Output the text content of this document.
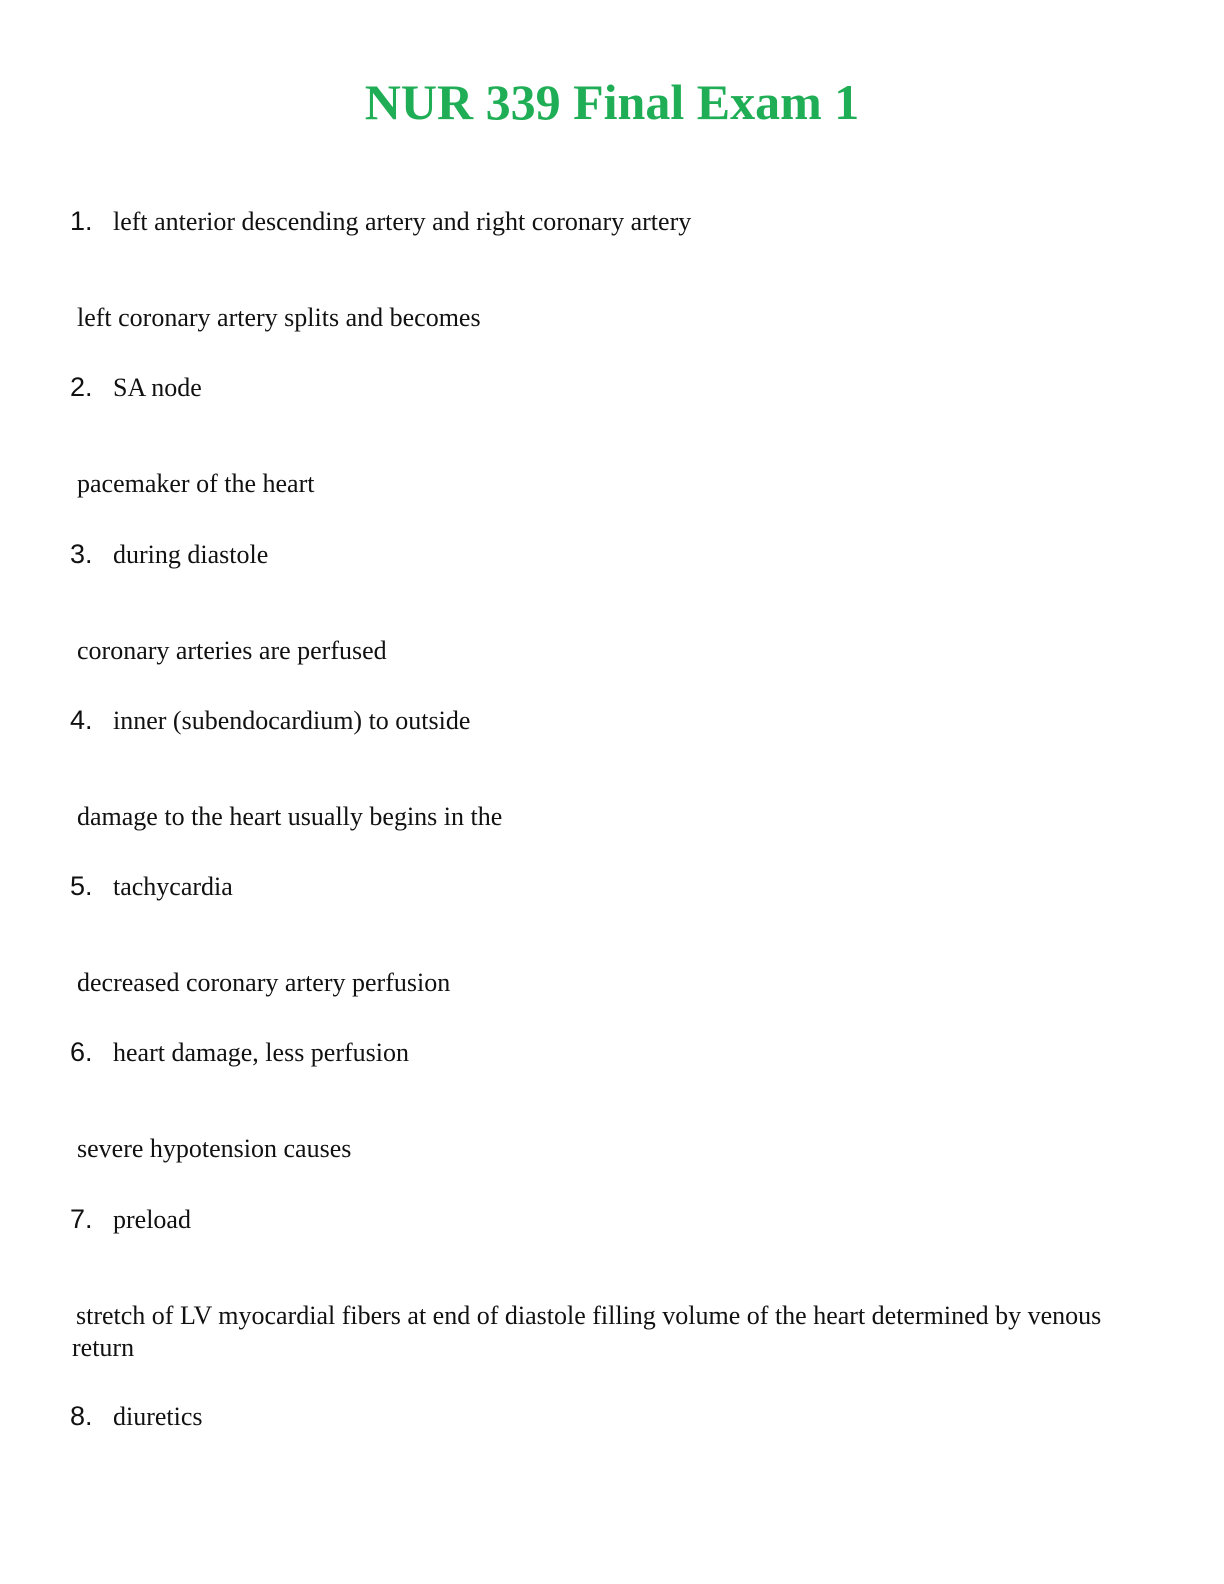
NUR 339 Final Exam 1
1. left anterior descending artery and right coronary artery

left coronary artery splits and becomes

2. SA node

pacemaker of the heart

3. during diastole

coronary arteries are perfused

4. inner (subendocardium) to outside

damage to the heart usually begins in the

5. tachycardia

decreased coronary artery perfusion

6. heart damage, less perfusion

severe hypotension causes

7. preload

stretch of LV myocardial fibers at end of diastole filling volume of the heart determined by venous return

8. diuretics
